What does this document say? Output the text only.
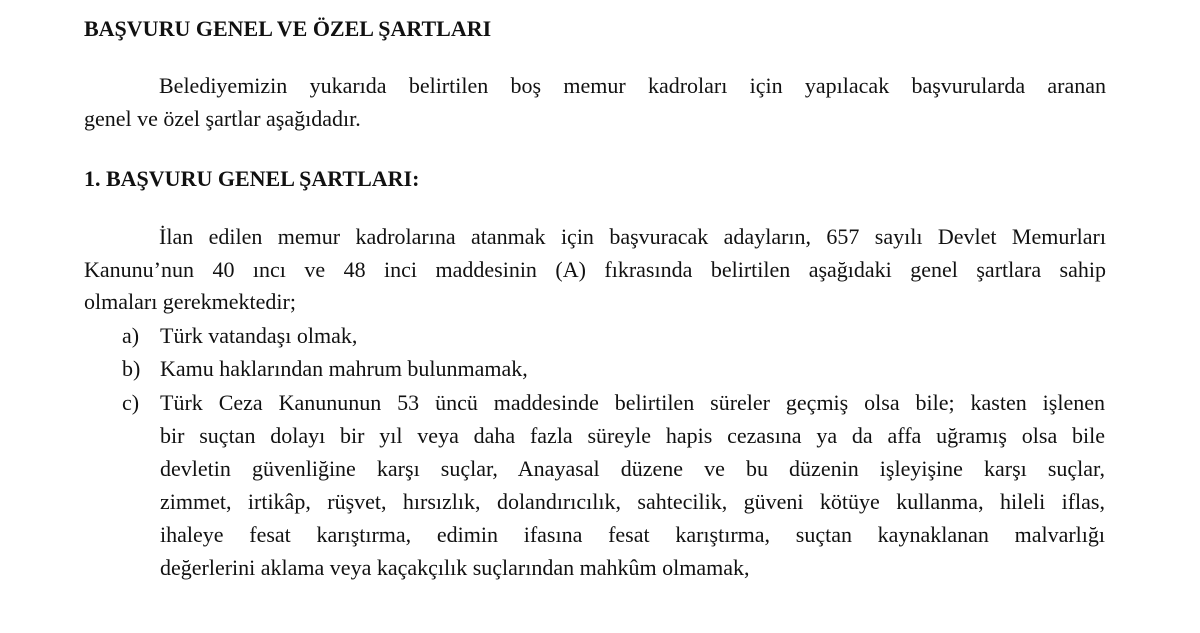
BAŞVURU GENEL VE ÖZEL ŞARTLARI
Belediyemizin yukarıda belirtilen boş memur kadroları için yapılacak başvurularda aranan
genel ve özel şartlar aşağıdadır.
1. BAŞVURU GENEL ŞARTLARI:
İlan edilen memur kadrolarına atanmak için başvuracak adayların, 657 sayılı Devlet Memurları
Kanunu’nun 40 ıncı ve 48 inci maddesinin (A) fıkrasında belirtilen aşağıdaki genel şartlara sahip
olmaları gerekmektedir;
a) Türk vatandaşı olmak,
b) Kamu haklarından mahrum bulunmamak,
c) Türk Ceza Kanununun 53 üncü maddesinde belirtilen süreler geçmiş olsa bile; kasten işlenen
bir suçtan dolayı bir yıl veya daha fazla süreyle hapis cezasına ya da affa uğramış olsa bile
devletin güvenliğine karşı suçlar, Anayasal düzene ve bu düzenin işleyişine karşı suçlar,
zimmet, irtikâp, rüşvet, hırsızlık, dolandırıcılık, sahtecilik, güveni kötüye kullanma, hileli iflas,
ihaleye fesat karıştırma, edimin ifasına fesat karıştırma, suçtan kaynaklanan malvarlığı
değerlerini aklama veya kaçakçılık suçlarından mahkûm olmamak,
